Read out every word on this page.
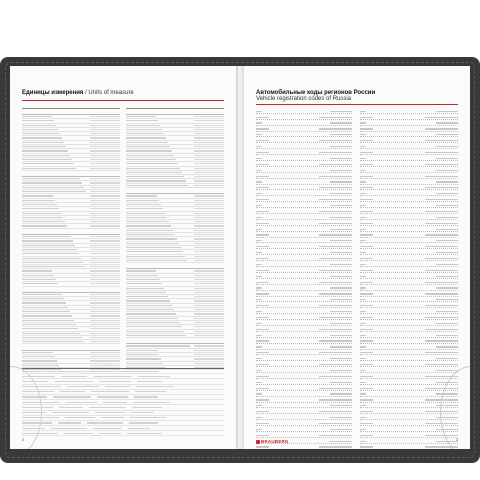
Единицы измерения / Units of measure
2
Автомобильные коды регионов России
Vehicle registration codes of Russia
BRAUBERG	3
